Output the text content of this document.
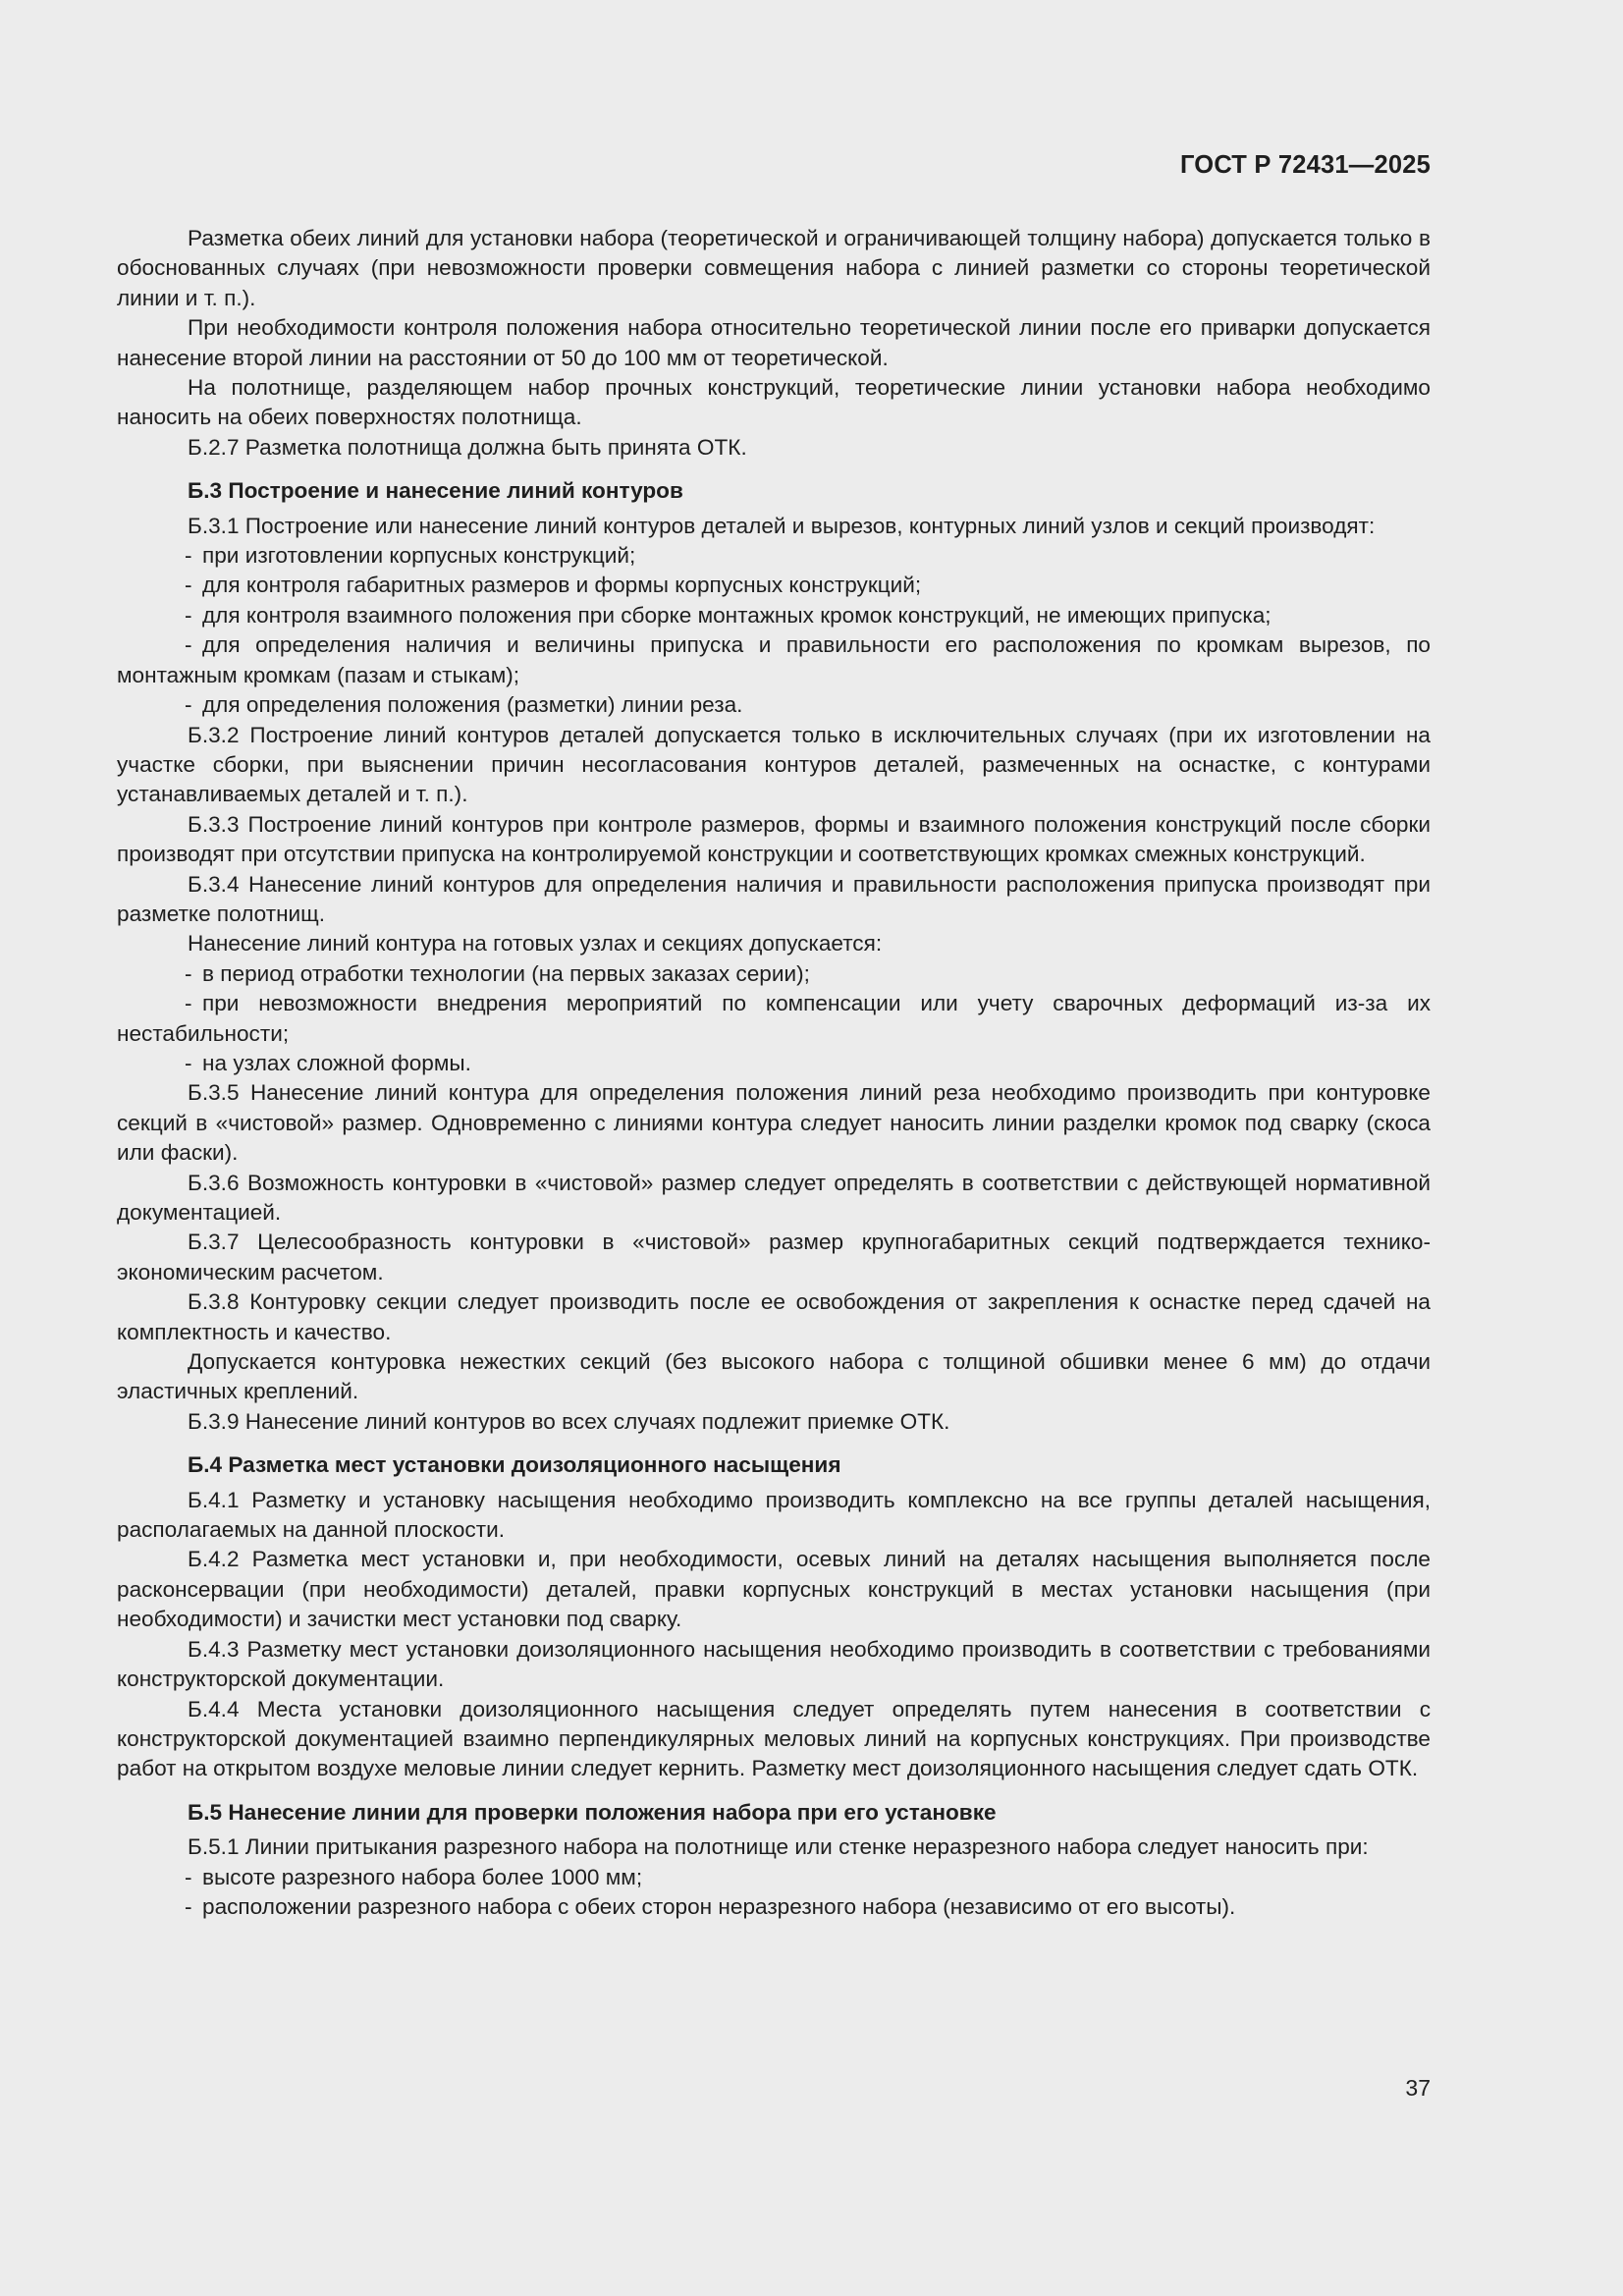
ГОСТ Р 72431—2025

Разметка обеих линий для установки набора (теоретической и ограничивающей толщину набора) допускается только в обоснованных случаях (при невозможности проверки совмещения набора с линией разметки со стороны теоретической линии и т. п.).

При необходимости контроля положения набора относительно теоретической линии после его приварки допускается нанесение второй линии на расстоянии от 50 до 100 мм от теоретической.

На полотнище, разделяющем набор прочных конструкций, теоретические линии установки набора необходимо наносить на обеих поверхностях полотнища.

Б.2.7 Разметка полотнища должна быть принята ОТК.

Б.3 Построение и нанесение линий контуров

Б.3.1 Построение или нанесение линий контуров деталей и вырезов, контурных линий узлов и секций производят:

- при изготовлении корпусных конструкций;

- для контроля габаритных размеров и формы корпусных конструкций;

- для контроля взаимного положения при сборке монтажных кромок конструкций, не имеющих припуска;

- для определения наличия и величины припуска и правильности его расположения по кромкам вырезов, по монтажным кромкам (пазам и стыкам);

- для определения положения (разметки) линии реза.

Б.3.2 Построение линий контуров деталей допускается только в исключительных случаях (при их изготовлении на участке сборки, при выяснении причин несогласования контуров деталей, размеченных на оснастке, с контурами устанавливаемых деталей и т. п.).

Б.3.3 Построение линий контуров при контроле размеров, формы и взаимного положения конструкций после сборки производят при отсутствии припуска на контролируемой конструкции и соответствующих кромках смежных конструкций.

Б.3.4 Нанесение линий контуров для определения наличия и правильности расположения припуска производят при разметке полотнищ.

Нанесение линий контура на готовых узлах и секциях допускается:

- в период отработки технологии (на первых заказах серии);

- при невозможности внедрения мероприятий по компенсации или учету сварочных деформаций из-за их нестабильности;

- на узлах сложной формы.

Б.3.5 Нанесение линий контура для определения положения линий реза необходимо производить при контуровке секций в «чистовой» размер. Одновременно с линиями контура следует наносить линии разделки кромок под сварку (скоса или фаски).

Б.3.6 Возможность контуровки в «чистовой» размер следует определять в соответствии с действующей нормативной документацией.

Б.3.7 Целесообразность контуровки в «чистовой» размер крупногабаритных секций подтверждается технико-экономическим расчетом.

Б.3.8 Контуровку секции следует производить после ее освобождения от закрепления к оснастке перед сдачей на комплектность и качество.

Допускается контуровка нежестких секций (без высокого набора с толщиной обшивки менее 6 мм) до отдачи эластичных креплений.

Б.3.9 Нанесение линий контуров во всех случаях подлежит приемке ОТК.

Б.4 Разметка мест установки доизоляционного насыщения

Б.4.1 Разметку и установку насыщения необходимо производить комплексно на все группы деталей насыщения, располагаемых на данной плоскости.

Б.4.2 Разметка мест установки и, при необходимости, осевых линий на деталях насыщения выполняется после расконсервации (при необходимости) деталей, правки корпусных конструкций в местах установки насыщения (при необходимости) и зачистки мест установки под сварку.

Б.4.3 Разметку мест установки доизоляционного насыщения необходимо производить в соответствии с требованиями конструкторской документации.

Б.4.4 Места установки доизоляционного насыщения следует определять путем нанесения в соответствии с конструкторской документацией взаимно перпендикулярных меловых линий на корпусных конструкциях. При производстве работ на открытом воздухе меловые линии следует кернить. Разметку мест доизоляционного насыщения следует сдать ОТК.

Б.5 Нанесение линии для проверки положения набора при его установке

Б.5.1 Линии притыкания разрезного набора на полотнище или стенке неразрезного набора следует наносить при:

- высоте разрезного набора более 1000 мм;

- расположении разрезного набора с обеих сторон неразрезного набора (независимо от его высоты).

37
